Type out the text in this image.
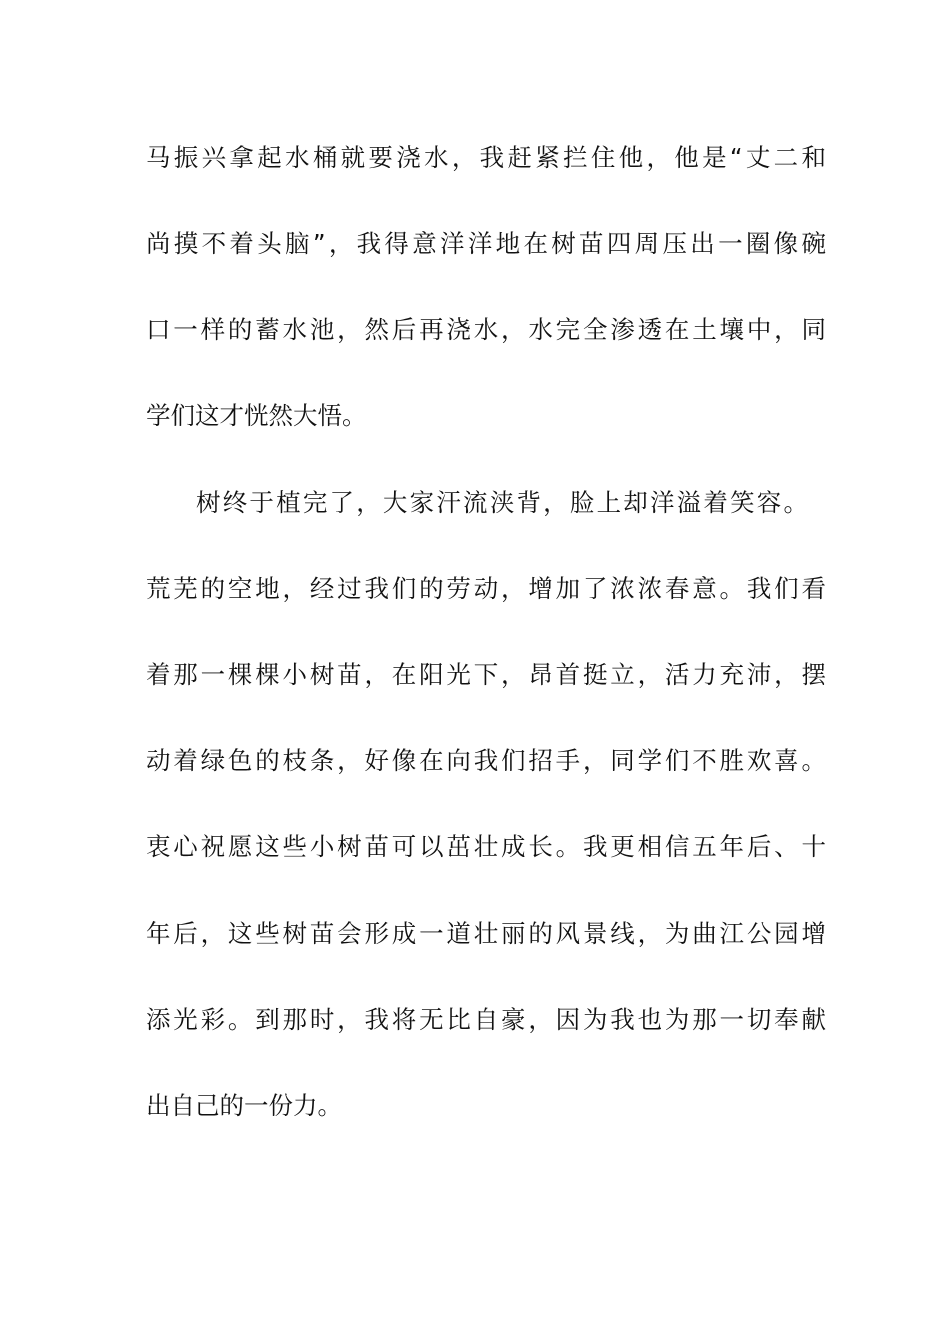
马振兴拿起水桶就要浇水，我赶紧拦住他，他是“丈二和
尚摸不着头脑”，我得意洋洋地在树苗四周压出一圈像碗
口一样的蓄水池，然后再浇水，水完全渗透在土壤中，同
学们这才恍然大悟。
树终于植完了，大家汗流浃背，脸上却洋溢着笑容。
荒芜的空地，经过我们的劳动，增加了浓浓春意。我们看
着那一棵棵小树苗，在阳光下，昂首挺立，活力充沛，摆
动着绿色的枝条，好像在向我们招手，同学们不胜欢喜。
衷心祝愿这些小树苗可以茁壮成长。我更相信五年后、十
年后，这些树苗会形成一道壮丽的风景线，为曲江公园增
添光彩。到那时，我将无比自豪，因为我也为那一切奉献
出自己的一份力。
